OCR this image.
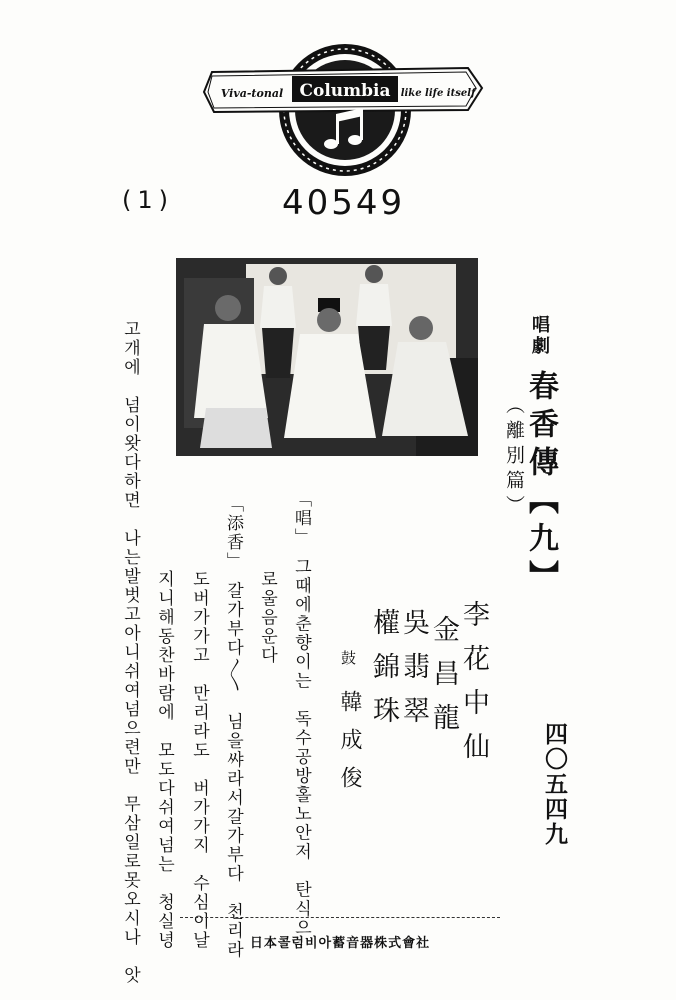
Columbia
Viva-tonal	like life itself
(1)	40549
唱劇
春香傳【九】
（離別篇）
四〇五四九
李花中仙
金昌龍
吳翡翠
權錦珠
鼓
韓成俊
「唱」　그때에춘향이는　독수공방홀노안저　탄식으
로울음운다
「添香」　갈가부다〳〵　님을쌰라서갈가부다　천리라
도버가가고　만리라도　버가가지　수심이날
지니해동찬바람에　모도다쉬여넘는　청실녕
고개에　넘이왓다하면　나는발벗고아니쉬여넘으련만　무삼일로못오시나　앗	日本콜럼비아蓄音器株式會社
